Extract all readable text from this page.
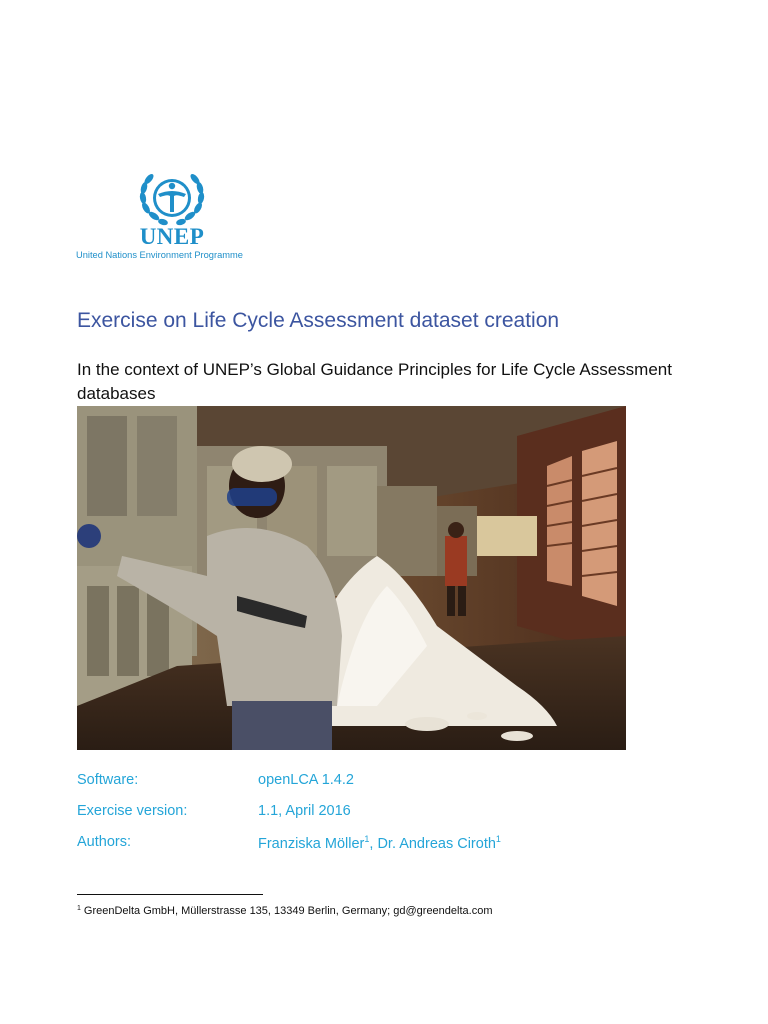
UNEP
United Nations Environment Programme
Exercise on Life Cycle Assessment dataset creation
In the context of UNEP’s Global Guidance Principles for Life Cycle Assessment databases
Software:	openLCA 1.4.2
Exercise version:	1.1, April 2016
Authors:	Franziska Möller$^1$, Dr. Andreas Ciroth$^1$
$^1$ GreenDelta GmbH, Müllerstrasse 135, 13349 Berlin, Germany; gd@greendelta.com
